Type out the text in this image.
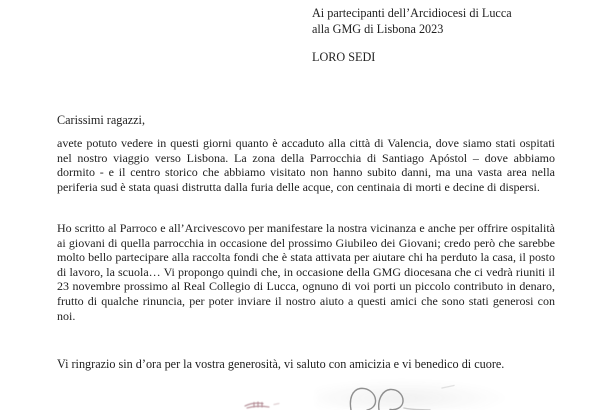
Ai partecipanti dell’Arcidiocesi di Lucca
alla GMG di Lisbona 2023
LORO SEDI
Carissimi ragazzi,

avete potuto vedere in questi giorni quanto è accaduto alla città di Valencia, dove siamo stati ospitati nel nostro viaggio verso Lisbona. La zona della Parrocchia di Santiago Apóstol – dove abbiamo dormito - e il centro storico che abbiamo visitato non hanno subito danni, ma una vasta area nella periferia sud è stata quasi distrutta dalla furia delle acque, con centinaia di morti e decine di dispersi.

Ho scritto al Parroco e all’Arcivescovo per manifestare la nostra vicinanza e anche per offrire ospitalità ai giovani di quella parrocchia in occasione del prossimo Giubileo dei Giovani; credo però che sarebbe molto bello partecipare alla raccolta fondi che è stata attivata per aiutare chi ha perduto la casa, il posto di lavoro, la scuola… Vi propongo quindi che, in occasione della GMG diocesana che ci vedrà riuniti il 23 novembre prossimo al Real Collegio di Lucca, ognuno di voi porti un piccolo contributo in denaro, frutto di qualche rinuncia, per poter inviare il nostro aiuto a questi amici che sono stati generosi con noi.

Vi ringrazio sin d’ora per la vostra generosità, vi saluto con amicizia e vi benedico di cuore.
